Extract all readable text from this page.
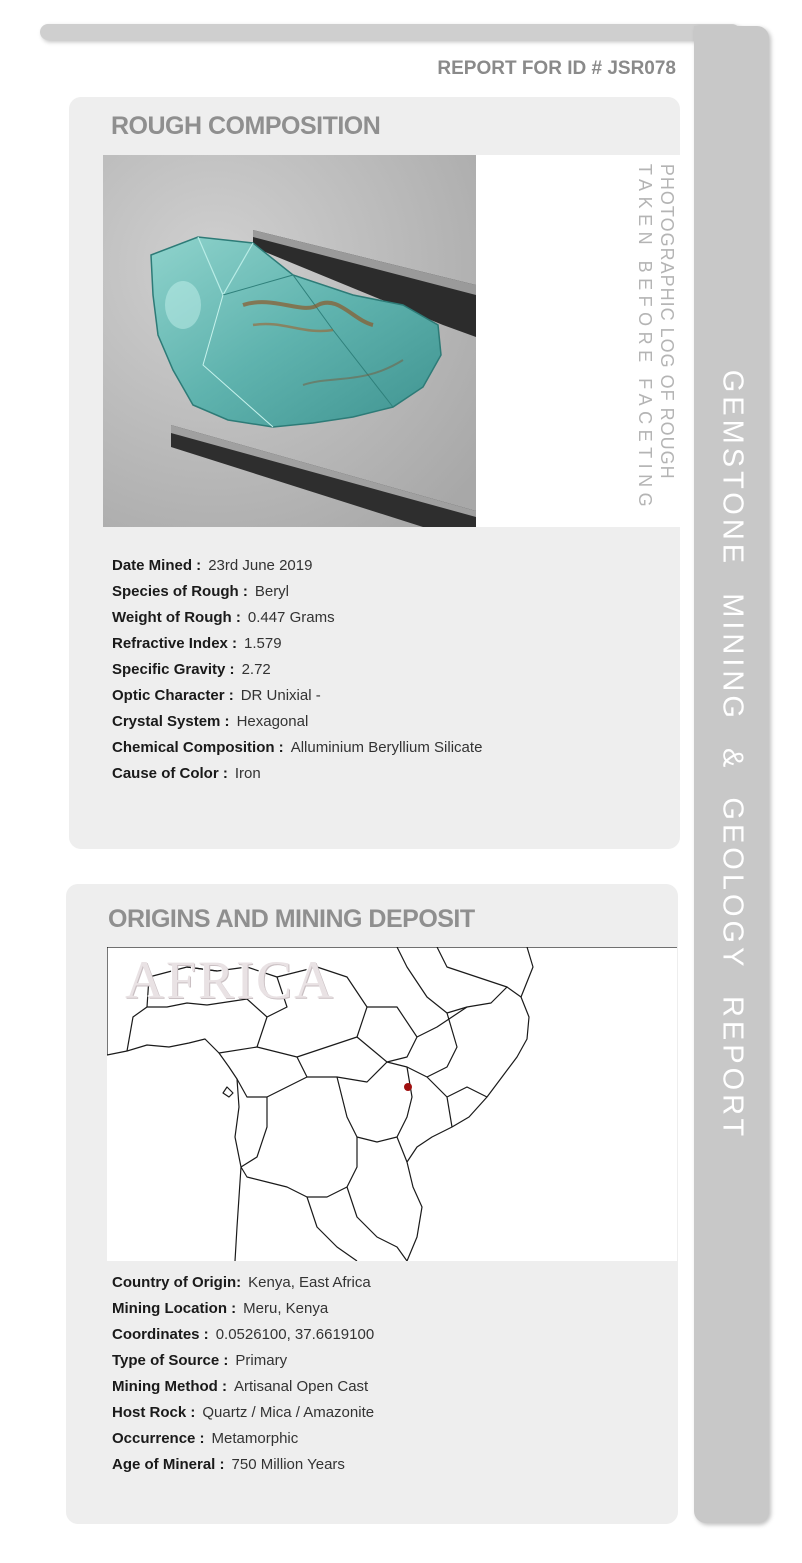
GEMSTONE MINING & GEOLOGY REPORT
REPORT FOR ID # JSR078
ROUGH COMPOSITION
PHOTOGRAPHIC LOG OF ROUGH
TAKEN BEFORE FACETING
Date Mined : 23rd June 2019
Species of Rough : Beryl
Weight of Rough : 0.447 Grams
Refractive Index : 1.579
Specific Gravity : 2.72
Optic Character : DR Unixial -
Crystal System : Hexagonal
Chemical Composition : Alluminium Beryllium Silicate
Cause of Color : Iron
ORIGINS AND MINING DEPOSIT
AFRICA
Country of Origin: Kenya, East Africa
Mining Location : Meru, Kenya
Coordinates : 0.0526100, 37.6619100
Type of Source : Primary
Mining Method : Artisanal Open Cast
Host Rock : Quartz / Mica / Amazonite
Occurrence : Metamorphic
Age of Mineral : 750 Million Years
